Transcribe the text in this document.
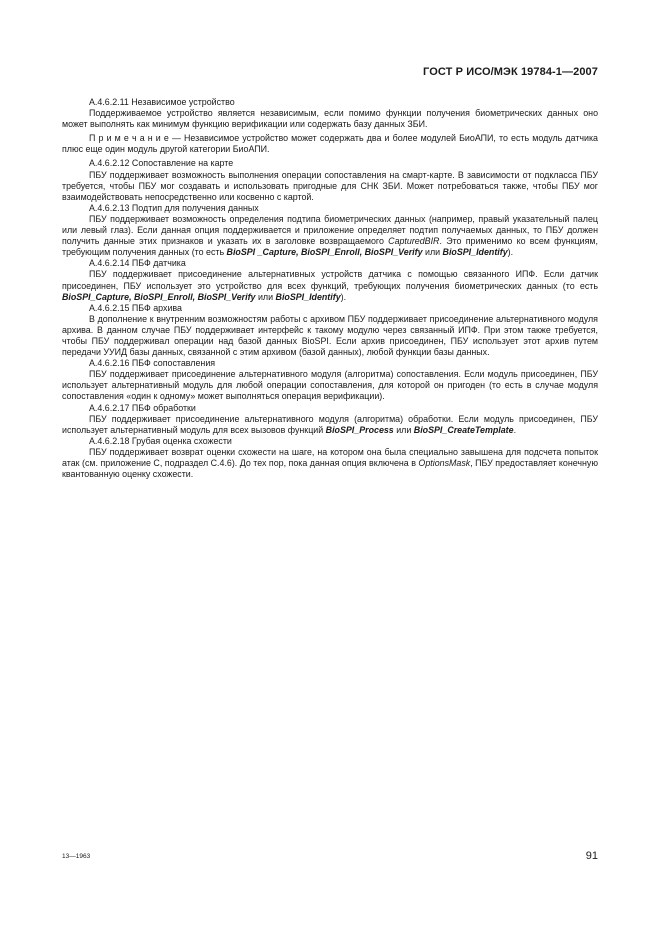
ГОСТ Р ИСО/МЭК 19784-1—2007

А.4.6.2.11 Независимое устройство

Поддерживаемое устройство является независимым, если помимо функции получения биометрических данных оно может выполнять как минимум функцию верификации или содержать базу данных ЗБИ.

П р и м е ч а н и е — Независимое устройство может содержать два и более модулей БиоАПИ, то есть модуль датчика плюс еще один модуль другой категории БиоАПИ.

А.4.6.2.12 Сопоставление на карте

ПБУ поддерживает возможность выполнения операции сопоставления на смарт-карте. В зависимости от подкласса ПБУ требуется, чтобы ПБУ мог создавать и использовать пригодные для СНК ЗБИ. Может потребоваться также, чтобы ПБУ мог взаимодействовать непосредственно или косвенно с картой.

А.4.6.2.13 Подтип для получения данных

ПБУ поддерживает возможность определения подтипа биометрических данных (например, правый указательный палец или левый глаз). Если данная опция поддерживается и приложение определяет подтип получаемых данных, то ПБУ должен получить данные этих признаков и указать их в заголовке возвращаемого CapturedBIR. Это применимо ко всем функциям, требующим получения данных (то есть BioSPI _Capture, BioSPI_Enroll, BioSPI_Verify или BioSPI_Identify).

А.4.6.2.14 ПБФ датчика

ПБУ поддерживает присоединение альтернативных устройств датчика с помощью связанного ИПФ. Если датчик присоединен, ПБУ использует это устройство для всех функций, требующих получения биометрических данных (то есть BioSPI_Capture, BioSPI_Enroll, BioSPI_Verify или BioSPI_Identify).

А.4.6.2.15 ПБФ архива

В дополнение к внутренним возможностям работы с архивом ПБУ поддерживает присоединение альтернативного модуля архива. В данном случае ПБУ поддерживает интерфейс к такому модулю через связанный ИПФ. При этом также требуется, чтобы ПБУ поддерживал операции над базой данных BioSPI. Если архив присоединен, ПБУ использует этот архив путем передачи УУИД базы данных, связанной с этим архивом (базой данных), любой функции базы данных.

А.4.6.2.16 ПБФ сопоставления

ПБУ поддерживает присоединение альтернативного модуля (алгоритма) сопоставления. Если модуль присоединен, ПБУ использует альтернативный модуль для любой операции сопоставления, для которой он пригоден (то есть в случае модуля сопоставления «один к одному» может выполняться операция верификации).

А.4.6.2.17 ПБФ обработки

ПБУ поддерживает присоединение альтернативного модуля (алгоритма) обработки. Если модуль присоединен, ПБУ использует альтернативный модуль для всех вызовов функций BioSPI_Process или BioSPI_CreateTemplate.

А.4.6.2.18 Грубая оценка схожести

ПБУ поддерживает возврат оценки схожести на шаге, на котором она была специально завышена для подсчета попыток атак (см. приложение С, подраздел С.4.6). До тех пор, пока данная опция включена в OptionsMask, ПБУ предоставляет конечную квантованную оценку схожести.

13—1963	91
